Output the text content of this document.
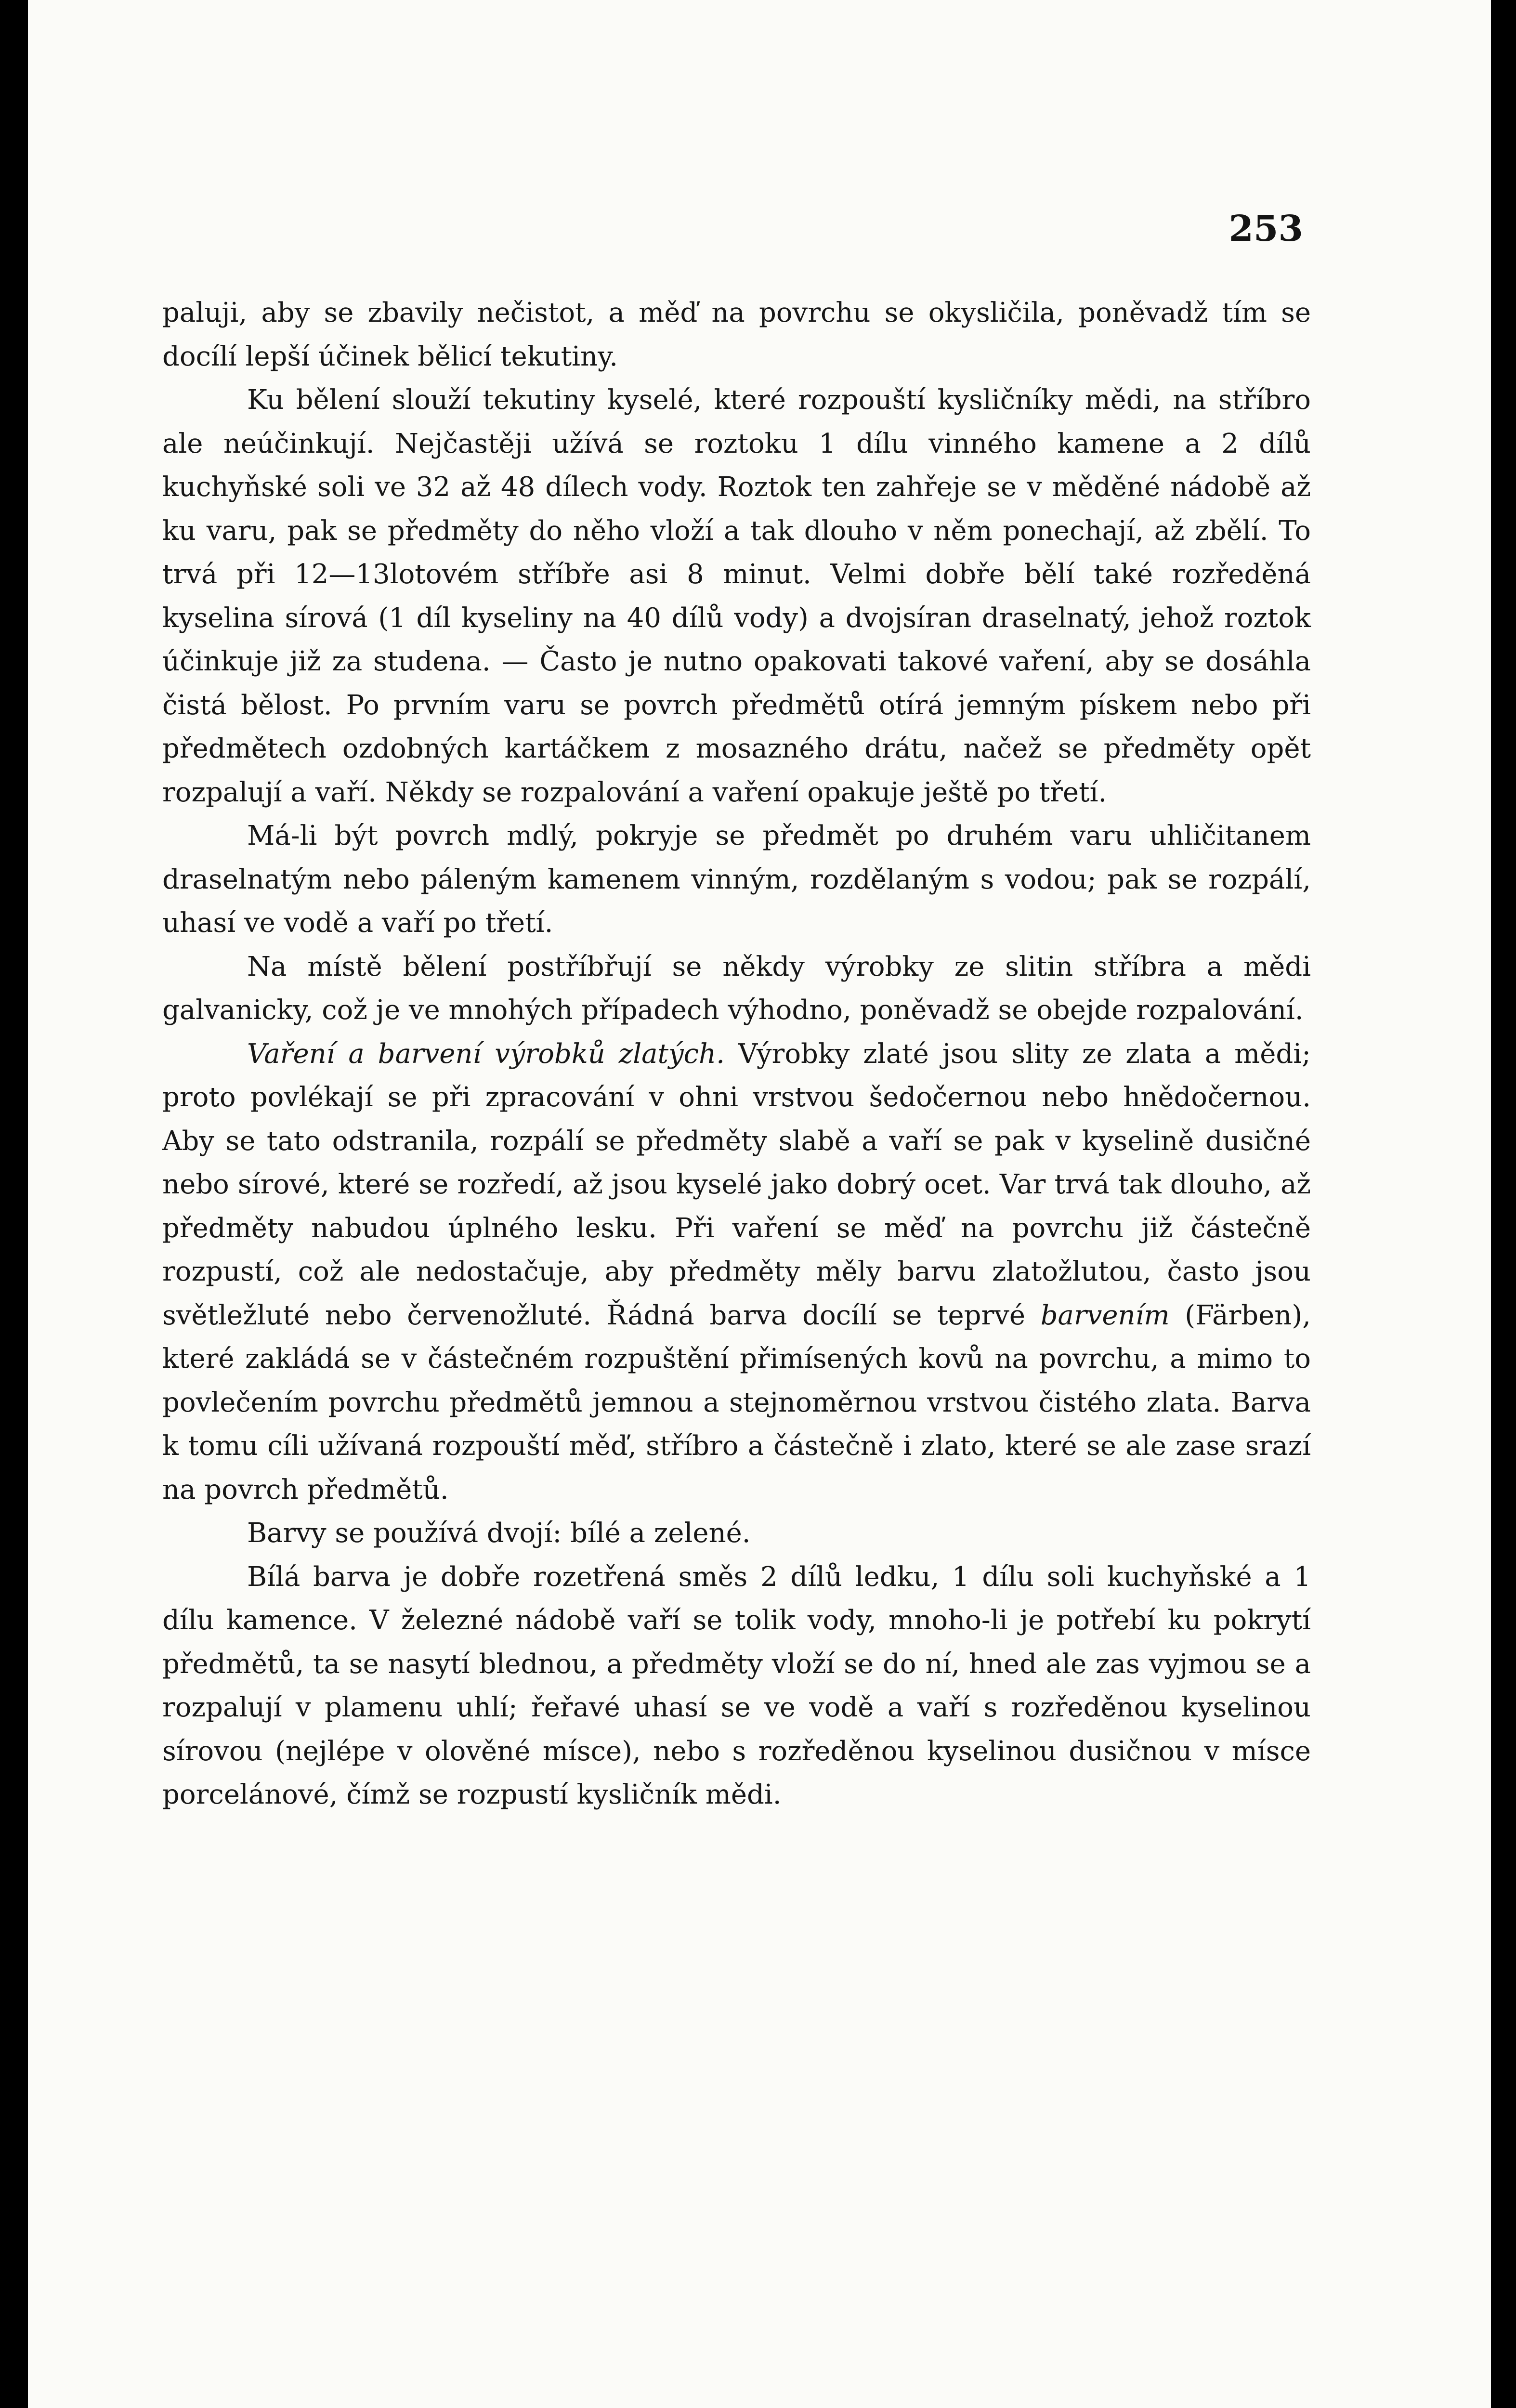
253

paluji, aby se zbavily nečistot, a měď na povrchu se okysličila, poněvadž tím se docílí lepší účinek bělicí tekutiny.

Ku bělení slouží tekutiny kyselé, které rozpouští kysličníky mědi, na stříbro ale neúčinkují. Nejčastěji užívá se roztoku 1 dílu vinného kamene a 2 dílů kuchyňské soli ve 32 až 48 dílech vody. Roztok ten zahřeje se v měděné nádobě až ku varu, pak se předměty do něho vloží a tak dlouho v něm ponechají, až zbělí. To trvá při 12—13lotovém stříbře asi 8 minut. Velmi dobře bělí také rozředěná kyselina sírová (1 díl kyseliny na 40 dílů vody) a dvojsíran draselnatý, jehož roztok účinkuje již za studena. — Často je nutno opakovati takové vaření, aby se dosáhla čistá bělost. Po prvním varu se povrch předmětů otírá jemným pískem nebo při předmětech ozdobných kartáčkem z mosazného drátu, načež se předměty opět rozpalují a vaří. Někdy se rozpalování a vaření opakuje ještě po třetí.

Má-li být povrch mdlý, pokryje se předmět po druhém varu uhličitanem draselnatým nebo páleným kamenem vinným, rozdělaným s vodou; pak se rozpálí, uhasí ve vodě a vaří po třetí.

Na místě bělení postříbřují se někdy výrobky ze slitin stříbra a mědi galvanicky, což je ve mnohých případech výhodno, poněvadž se obejde rozpalování.

Vaření a barvení výrobků zlatých. Výrobky zlaté jsou slity ze zlata a mědi; proto povlékají se při zpracování v ohni vrstvou šedočernou nebo hnědočernou. Aby se tato odstranila, rozpálí se předměty slabě a vaří se pak v kyselině dusičné nebo sírové, které se rozředí, až jsou kyselé jako dobrý ocet. Var trvá tak dlouho, až předměty nabudou úplného lesku. Při vaření se měď na povrchu již částečně rozpustí, což ale nedostačuje, aby předměty měly barvu zlatožlutou, často jsou světležluté nebo červenožluté. Řádná barva docílí se teprvé barvením (Färben), které zakládá se v částečném rozpuštění přimísených kovů na povrchu, a mimo to povlečením povrchu předmětů jemnou a stejnoměrnou vrstvou čistého zlata. Barva k tomu cíli užívaná rozpouští měď, stříbro a částečně i zlato, které se ale zase srazí na povrch předmětů.

Barvy se používá dvojí: bílé a zelené.

Bílá barva je dobře rozetřená směs 2 dílů ledku, 1 dílu soli kuchyňské a 1 dílu kamence. V železné nádobě vaří se tolik vody, mnoho-li je potřebí ku pokrytí předmětů, ta se nasytí blednou, a předměty vloží se do ní, hned ale zas vyjmou se a rozpalují v plamenu uhlí; řeřavé uhasí se ve vodě a vaří s rozředěnou kyselinou sírovou (nejlépe v olověné mísce), nebo s rozředěnou kyselinou dusičnou v mísce porcelánové, čímž se rozpustí kysličník mědi.
